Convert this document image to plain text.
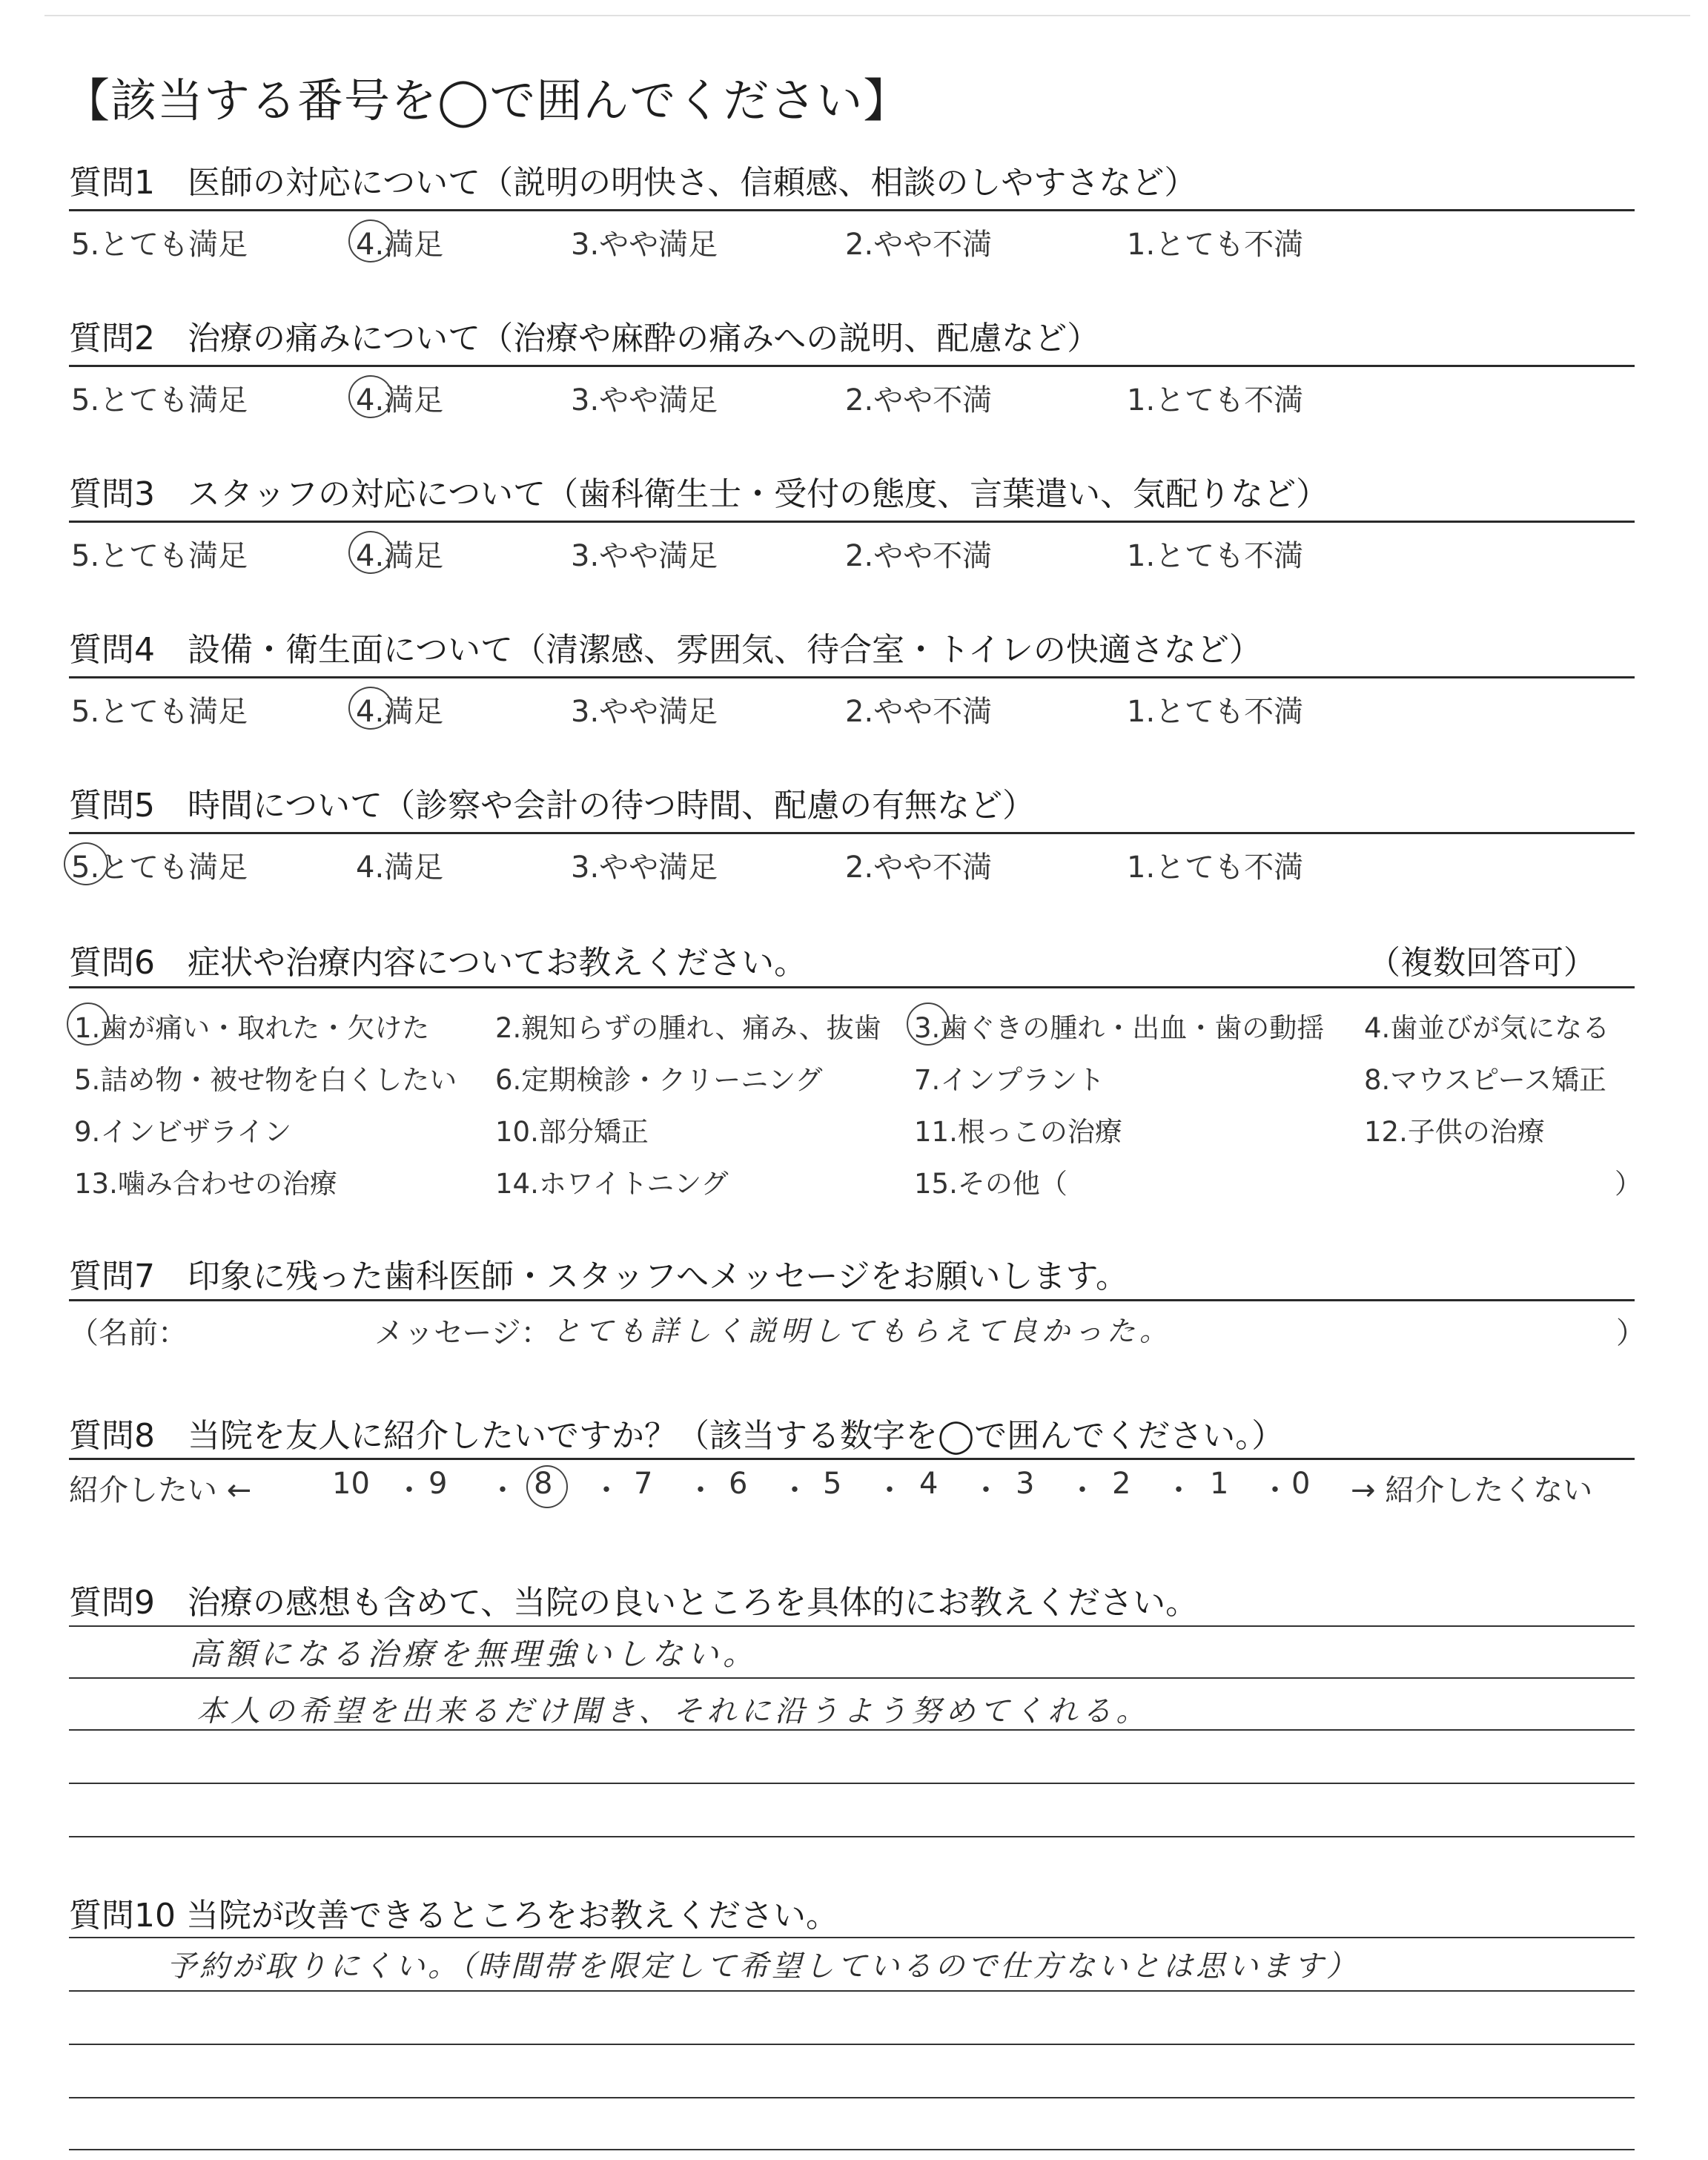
【該当する番号を◯で囲んでください】
質問1　医師の対応について（説明の明快さ、信頼感、相談のしやすさなど）
5.とても満足	4.満足	3.やや満足	2.やや不満	1.とても不満
質問2　治療の痛みについて（治療や麻酔の痛みへの説明、配慮など）
5.とても満足	4.満足	3.やや満足	2.やや不満	1.とても不満
質問3　スタッフの対応について（歯科衛生士・受付の態度、言葉遣い、気配りなど）
5.とても満足	4.満足	3.やや満足	2.やや不満	1.とても不満
質問4　設備・衛生面について（清潔感、雰囲気、待合室・トイレの快適さなど）
5.とても満足	4.満足	3.やや満足	2.やや不満	1.とても不満
質問5　時間について（診察や会計の待つ時間、配慮の有無など）
5.とても満足	4.満足	3.やや満足	2.やや不満	1.とても不満
質問6　症状や治療内容についてお教えください。	（複数回答可）
1.歯が痛い・取れた・欠けた 2.親知らずの腫れ、痛み、抜歯 3.歯ぐきの腫れ・出血・歯の動揺 4.歯並びが気になる
5.詰め物・被せ物を白くしたい 6.定期検診・クリーニング	7.インプラント	8.マウスピース矯正
9.インビザライン	10.部分矯正	11.根っこの治療	12.子供の治療
13.噛み合わせの治療	14.ホワイトニング	15.その他（	）
質問7　印象に残った歯科医師・スタッフへメッセージをお願いします。
（名前：	メッセージ： とても詳しく説明してもらえて良かった。	）
質問8　当院を友人に紹介したいですか？（該当する数字を◯で囲んでください。）
紹介したい ←	10 9	8	7	6	5	4	3	2	1 0
・ ・	・ ・ ・ ・ ・ ・ ・ ・ → 紹介したくない
質問9　治療の感想も含めて、当院の良いところを具体的にお教えください。
高額になる治療を無理強いしない。
本人の希望を出来るだけ聞き、それに沿うよう努めてくれる。
質問10 当院が改善できるところをお教えください。
予約が取りにくい。（時間帯を限定して希望しているので仕方ないとは思います）
